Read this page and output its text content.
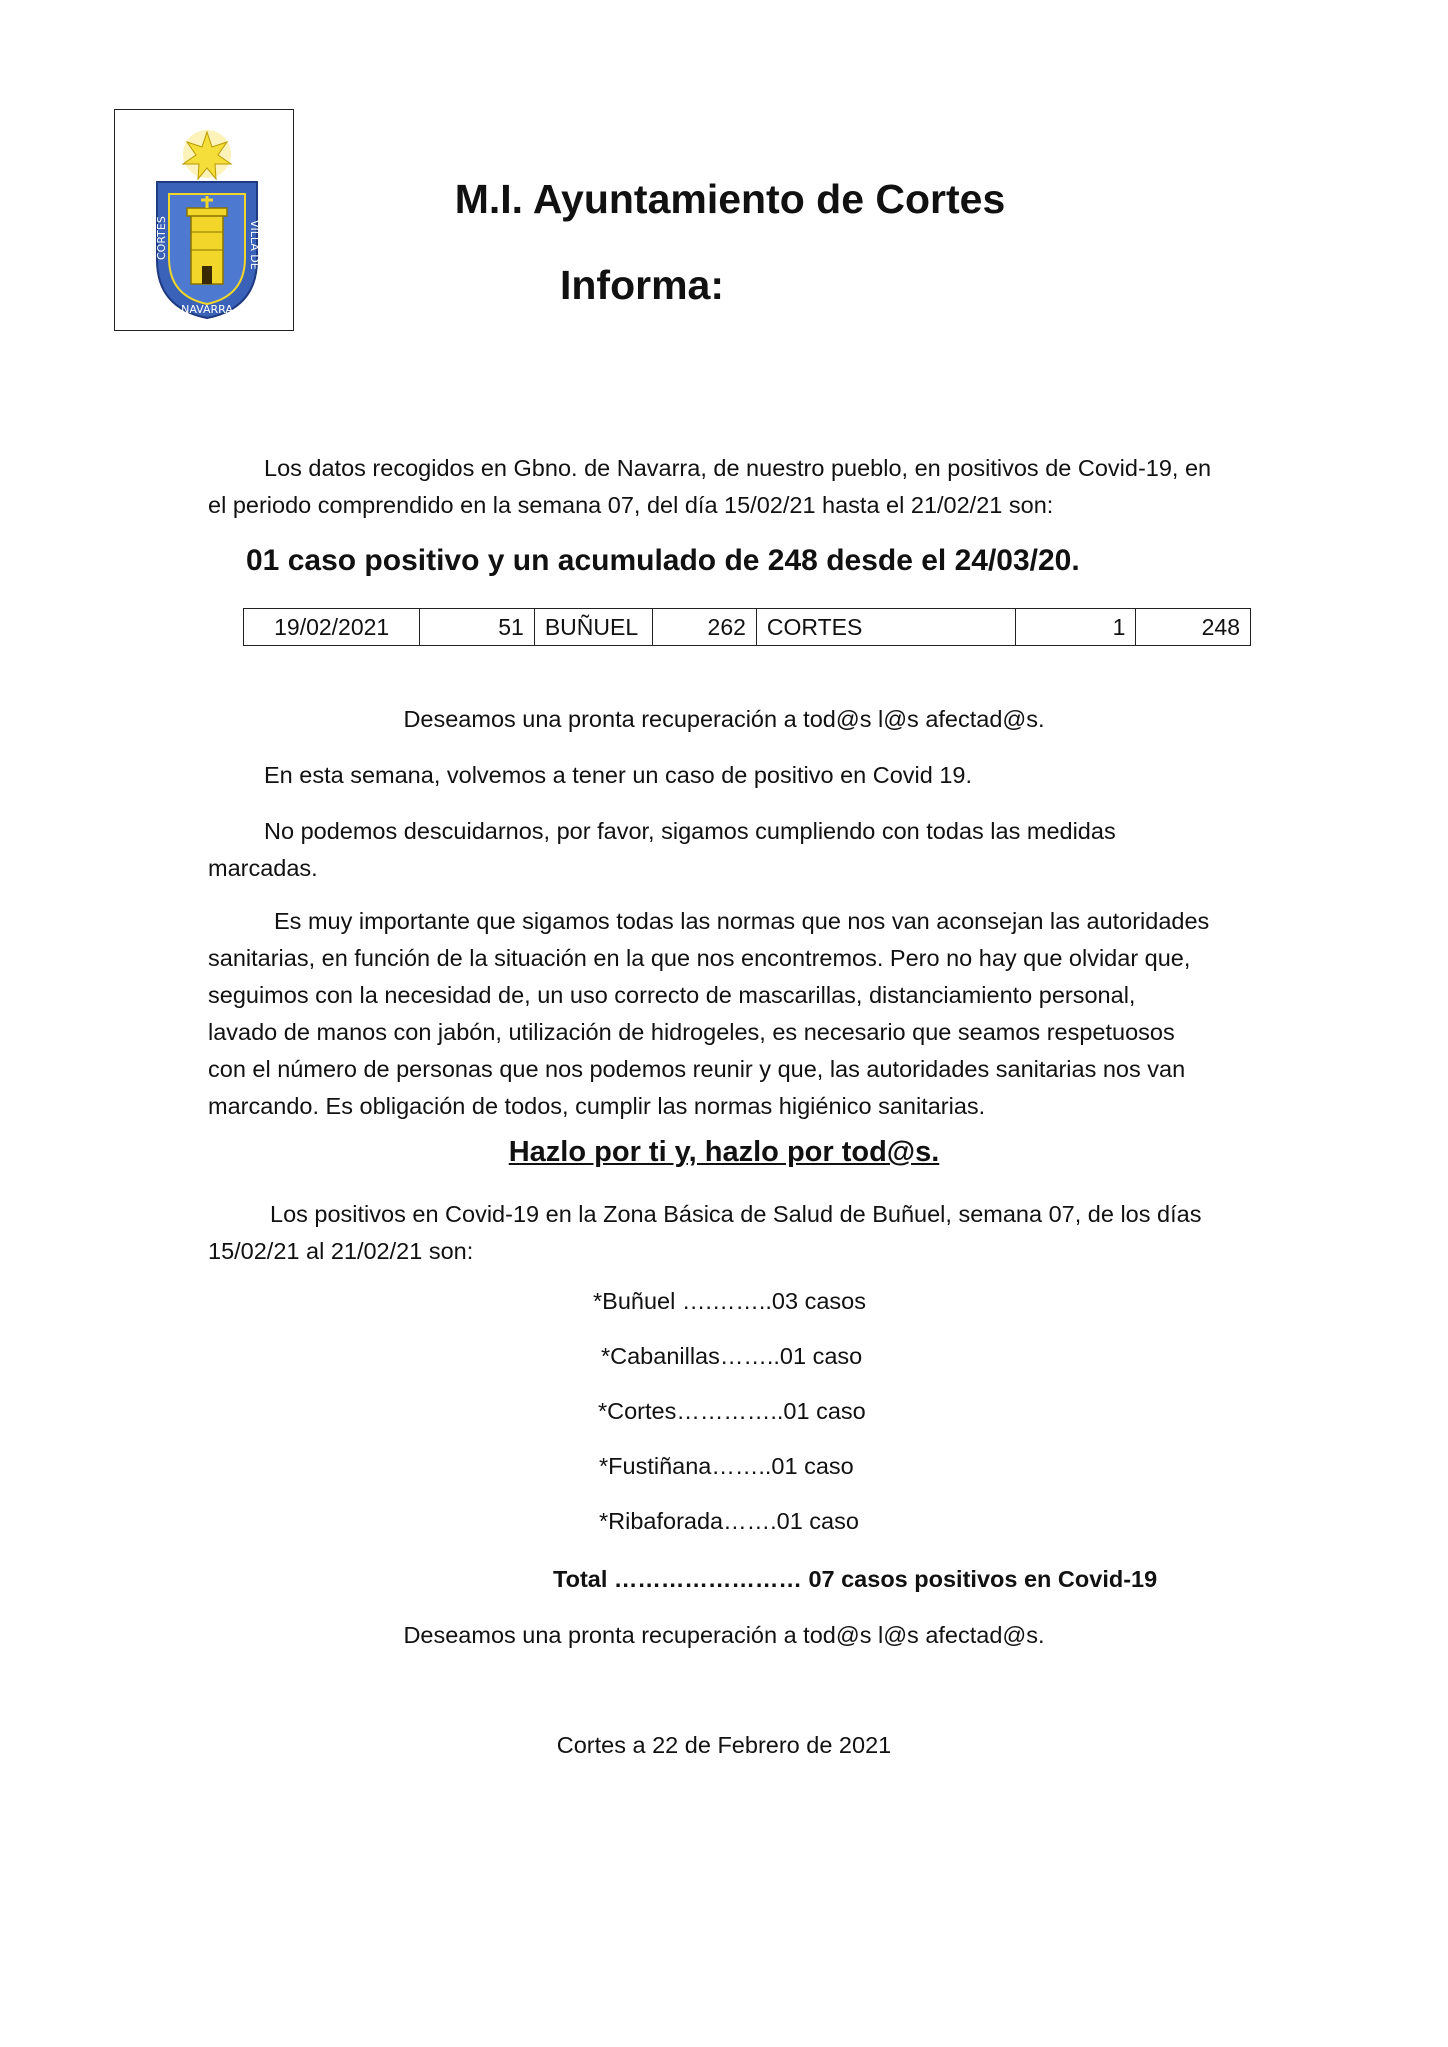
CORTES	VILLA DE
NAVARRA
M.I. Ayuntamiento de Cortes
Informa:

Los datos recogidos en Gbno. de Navarra, de nuestro pueblo, en positivos de Covid-19, en
el periodo comprendido en la semana 07, del día 15/02/21 hasta el 21/02/21 son:

01 caso positivo y un acumulado de 248 desde el 24/03/20.

19/02/2021	51	BUÑUEL	262	CORTES	1	248

Deseamos una pronta recuperación a tod@s l@s afectad@s.

En esta semana, volvemos a tener un caso de positivo en Covid 19.

No podemos descuidarnos, por favor, sigamos cumpliendo con todas las medidas
marcadas.

Es muy importante que sigamos todas las normas que nos van aconsejan las autoridades
sanitarias, en función de la situación en la que nos encontremos. Pero no hay que olvidar que,
seguimos con la necesidad de, un uso correcto de mascarillas, distanciamiento personal,
lavado de manos con jabón, utilización de hidrogeles, es necesario que seamos respetuosos
con el número de personas que nos podemos reunir y que, las autoridades sanitarias nos van
marcando. Es obligación de todos, cumplir las normas higiénico sanitarias.

Hazlo por ti y, hazlo por tod@s.

Los positivos en Covid-19 en la Zona Básica de Salud de Buñuel, semana 07, de los días
15/02/21 al 21/02/21 son:

*Buñuel ….……..03 casos

*Cabanillas……..01 caso

*Cortes…………..01 caso

*Fustiñana……..01 caso

*Ribaforada…….01 caso

Total …………………… 07 casos positivos en Covid-19

Deseamos una pronta recuperación a tod@s l@s afectad@s.

Cortes a 22 de Febrero de 2021
